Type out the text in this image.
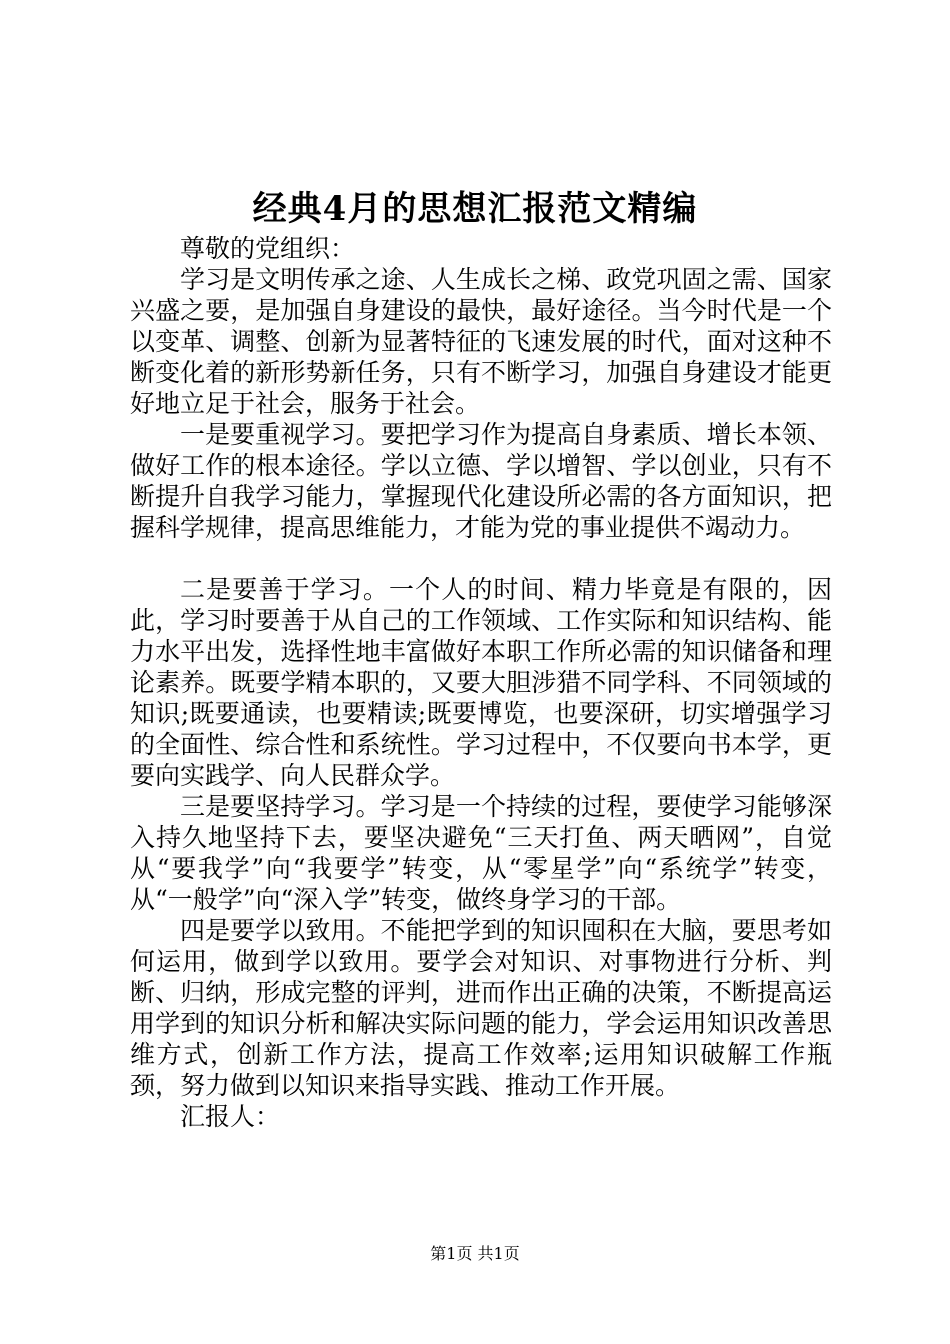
经典4月的思想汇报范文精编

尊敬的党组织：

学习是文明传承之途、人生成长之梯、政党巩固之需、国家兴盛之要，是加强自身建设的最快，最好途径。当今时代是一个以变革、调整、创新为显著特征的飞速发展的时代，面对这种不断变化着的新形势新任务，只有不断学习，加强自身建设才能更好地立足于社会，服务于社会。

一是要重视学习。要把学习作为提高自身素质、增长本领、做好工作的根本途径。学以立德、学以增智、学以创业，只有不断提升自我学习能力，掌握现代化建设所必需的各方面知识，把握科学规律，提高思维能力，才能为党的事业提供不竭动力。

二是要善于学习。一个人的时间、精力毕竟是有限的，因此，学习时要善于从自己的工作领域、工作实际和知识结构、能力水平出发，选择性地丰富做好本职工作所必需的知识储备和理论素养。既要学精本职的，又要大胆涉猎不同学科、不同领域的知识;既要通读，也要精读;既要博览，也要深研，切实增强学习的全面性、综合性和系统性。学习过程中，不仅要向书本学，更要向实践学、向人民群众学。

三是要坚持学习。学习是一个持续的过程，要使学习能够深入持久地坚持下去，要坚决避免“三天打鱼、两天晒网”，自觉从“要我学”向“我要学”转变，从“零星学”向“系统学”转变，从“一般学”向“深入学”转变，做终身学习的干部。

四是要学以致用。不能把学到的知识囤积在大脑，要思考如何运用，做到学以致用。要学会对知识、对事物进行分析、判断、归纳，形成完整的评判，进而作出正确的决策，不断提高运用学到的知识分析和解决实际问题的能力，学会运用知识改善思维方式，创新工作方法，提高工作效率;运用知识破解工作瓶颈，努力做到以知识来指导实践、推动工作开展。

汇报人：

第1页 共1页
